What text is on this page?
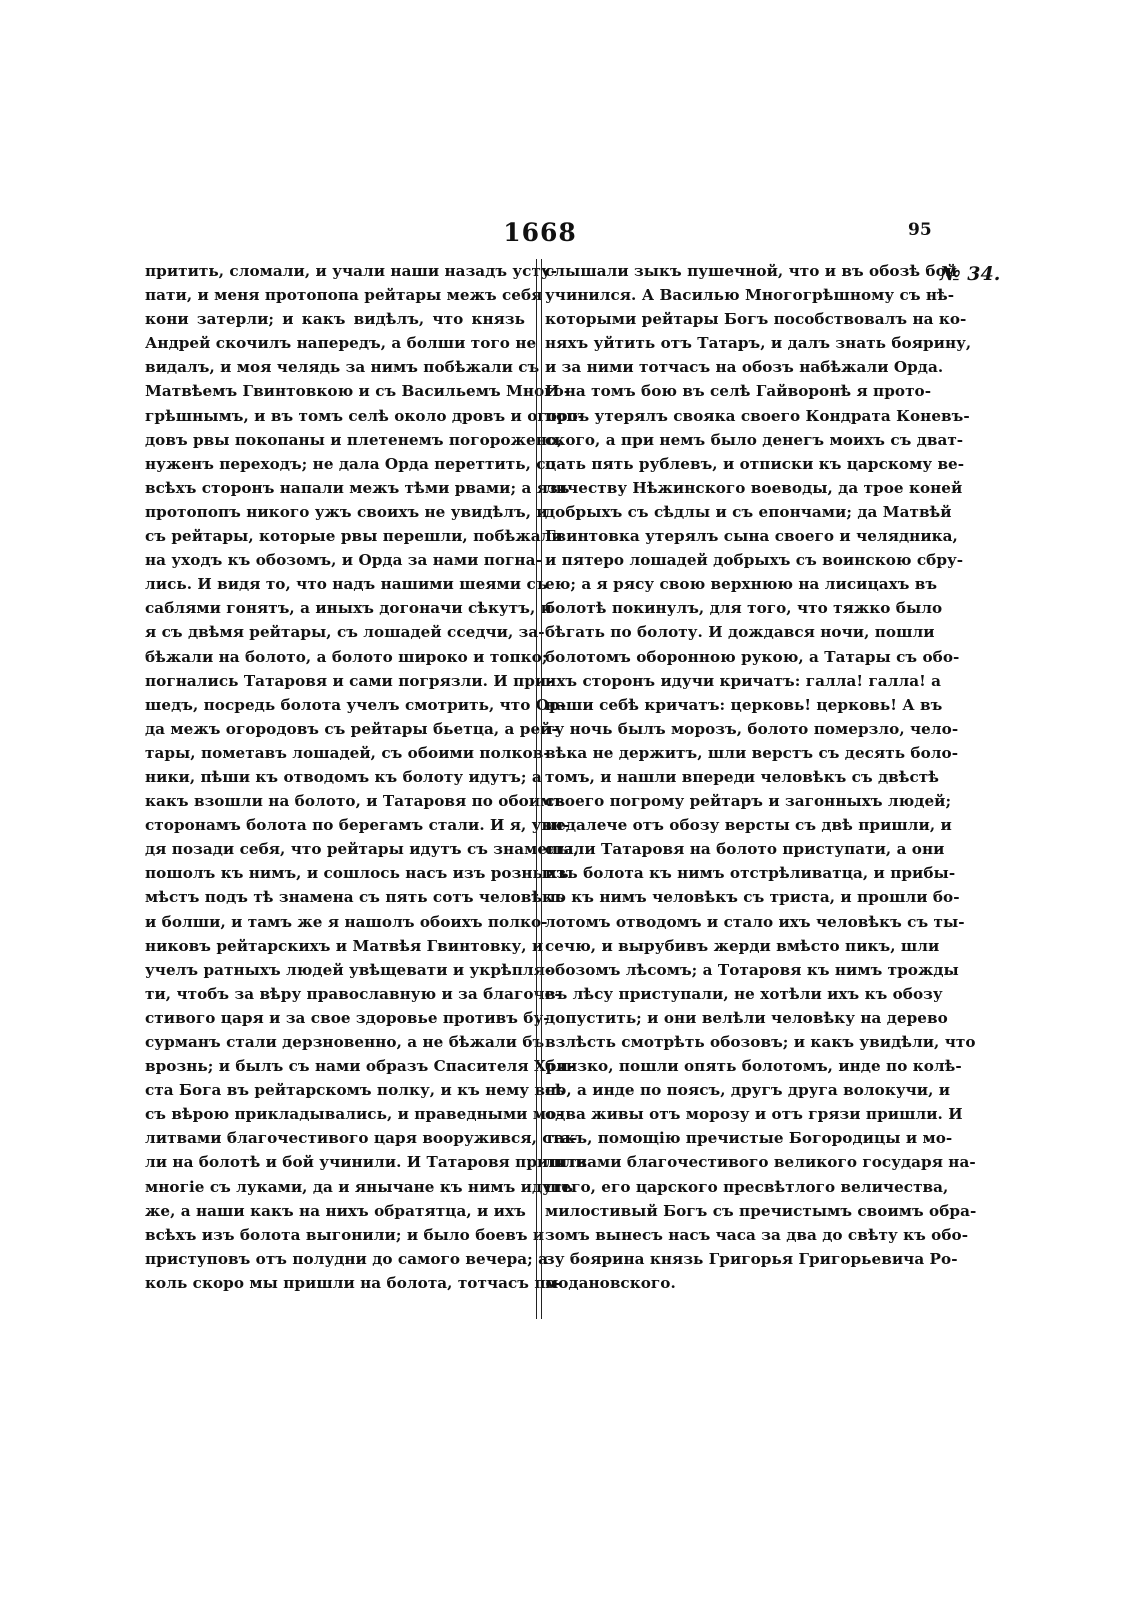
1668	95
№ 34.
притить, сломали, и учали наши назадъ усту-
пати, и меня протопопа рейтары межъ себя
кони затерли; и какъ видѣлъ, что князь
Андрей скочилъ напередъ, а болши того не
видалъ, и моя челядь за нимъ побѣжали съ
Матвѣемъ Гвинтовкою и съ Васильемъ Много-
грѣшнымъ, и въ томъ селѣ около дровъ и огоро-
довъ рвы покопаны и плетенемъ погорожено,
нуженъ переходъ; не дала Орда переттить, со
всѣхъ сторонъ напали межъ тѣми рвами; а язъ
протопопъ никого ужъ своихъ не увидѣлъ, и
съ рейтары, которые рвы перешли, побѣжали
на уходъ къ обозомъ, и Орда за нами погна-
лись. И видя то, что надъ нашими шеями съ
саблями гонятъ, а иныхъ догоначи сѣкутъ, и
я съ двѣмя рейтары, съ лошадей сседчи, за-
бѣжали на болото, а болото широко и топко;
погнались Татаровя и сами погрязли. И при-
шедъ, посредь болота учелъ смотрить, что Ор-
да межъ огородовъ съ рейтары бьетца, а рей-
тары, пометавъ лошадей, съ обоими полков-
ники, пѣши къ отводомъ къ болоту идутъ; а
какъ взошли на болото, и Татаровя по обоимъ
сторонамъ болота по берегамъ стали. И я, увн-
дя позади себя, что рейтары идутъ съ знамены,
пошолъ къ нимъ, и сошлось насъ изъ розныхъ
мѣстъ подъ тѣ знамена съ пять сотъ человѣкъ
и болши, и тамъ же я нашолъ обоихъ полко-
никовъ рейтарскихъ и Матвѣя Гвинтовку, и
учелъ ратныхъ людей увѣщевати и укрѣпля-
ти, чтобъ за вѣру православную и за благоче-
стивого царя и за свое здоровье противъ бу-
сурманъ стали дерзновенно, а не бѣжали бъ
врознь; и былъ съ нами образъ Спасителя Хри-
ста Бога въ рейтарскомъ полку, и къ нему всѣ
съ вѣрою прикладывались, и праведными мо-
литвами благочестивого царя вооружився, ста-
ли на болотѣ и бой учинили. И Татаровя пришли
многіе съ луками, да и янычане къ нимъ идутъ
же, а наши какъ на нихъ обратятца, и ихъ
всѣхъ изъ болота выгонили; и было боевъ и
приступовъ отъ полудни до самого вечера; а
коль скоро мы пришли на болота, тотчасъ по-
слышали зыкъ пушечной, что и въ обозѣ бой
учинился. А Василью Многогрѣшному съ нѣ-
которыми рейтары Богъ пособствовалъ на ко-
няхъ уйтить отъ Татаръ, и далъ знать боярину,
и за ними тотчасъ на обозъ набѣжали Орда.
И на томъ бою въ селѣ Гайворонѣ я прото-
попъ утерялъ свояка своего Кондрата Коневъ-
ского, а при немъ было денегъ моихъ съ дват-
цать пять рублевъ, и отписки къ царскому ве-
личеству Нѣжинского воеводы, да трое коней
добрыхъ съ сѣдлы и съ епончами; да Матвѣй
Гвинтовка утерялъ сына своего и челядника,
и пятеро лошадей добрыхъ съ воинскою сбру-
ею; а я рясу свою верхнюю на лисицахъ въ
болотѣ покинулъ, для того, что тяжко было
бѣгать по болоту. И дождався ночи, пошли
болотомъ оборонною рукою, а Татары съ обо-
ихъ сторонъ идучи кричатъ: галла! галла! а
наши себѣ кричатъ: церковь! церковь! А въ
ту ночь былъ морозъ, болото померзло, чело-
вѣка не держитъ, шли верстъ съ десять боло-
томъ, и нашли впереди человѣкъ съ двѣстѣ
своего погрому рейтаръ и загонныхъ людей;
недалече отъ обозу версты съ двѣ пришли, и
стали Татаровя на болото приступати, а они
изъ болота къ нимъ отстрѣливатца, и прибы-
ло къ нимъ человѣкъ съ триста, и прошли бо-
лотомъ отводомъ и стало ихъ человѣкъ съ ты-
сечю, и вырубивъ жерди вмѣсто пикъ, шли
обозомъ лѣсомъ; а Тотаровя къ нимъ трожды
въ лѣсу приступали, не хотѣли ихъ къ обозу
допустить; и они велѣли человѣку на дерево
взлѣсть смотрѣть обозовъ; и какъ увидѣли, что
близко, пошли опять болотомъ, инде по колѣ-
но, а инде по поясъ, другъ друга волокучи, и
одва живы отъ морозу и отъ грязи пришли. И
такъ, помощію пречистые Богородицы и мо-
литвами благочестивого великого государя на-
шего, его царского пресвѣтлого величества,
милостивый Богъ съ пречистымъ своимъ обра-
зомъ вынесъ насъ часа за два до свѣту къ обо-
зу боярина князь Григорья Григорьевича Ро-
модановского.
